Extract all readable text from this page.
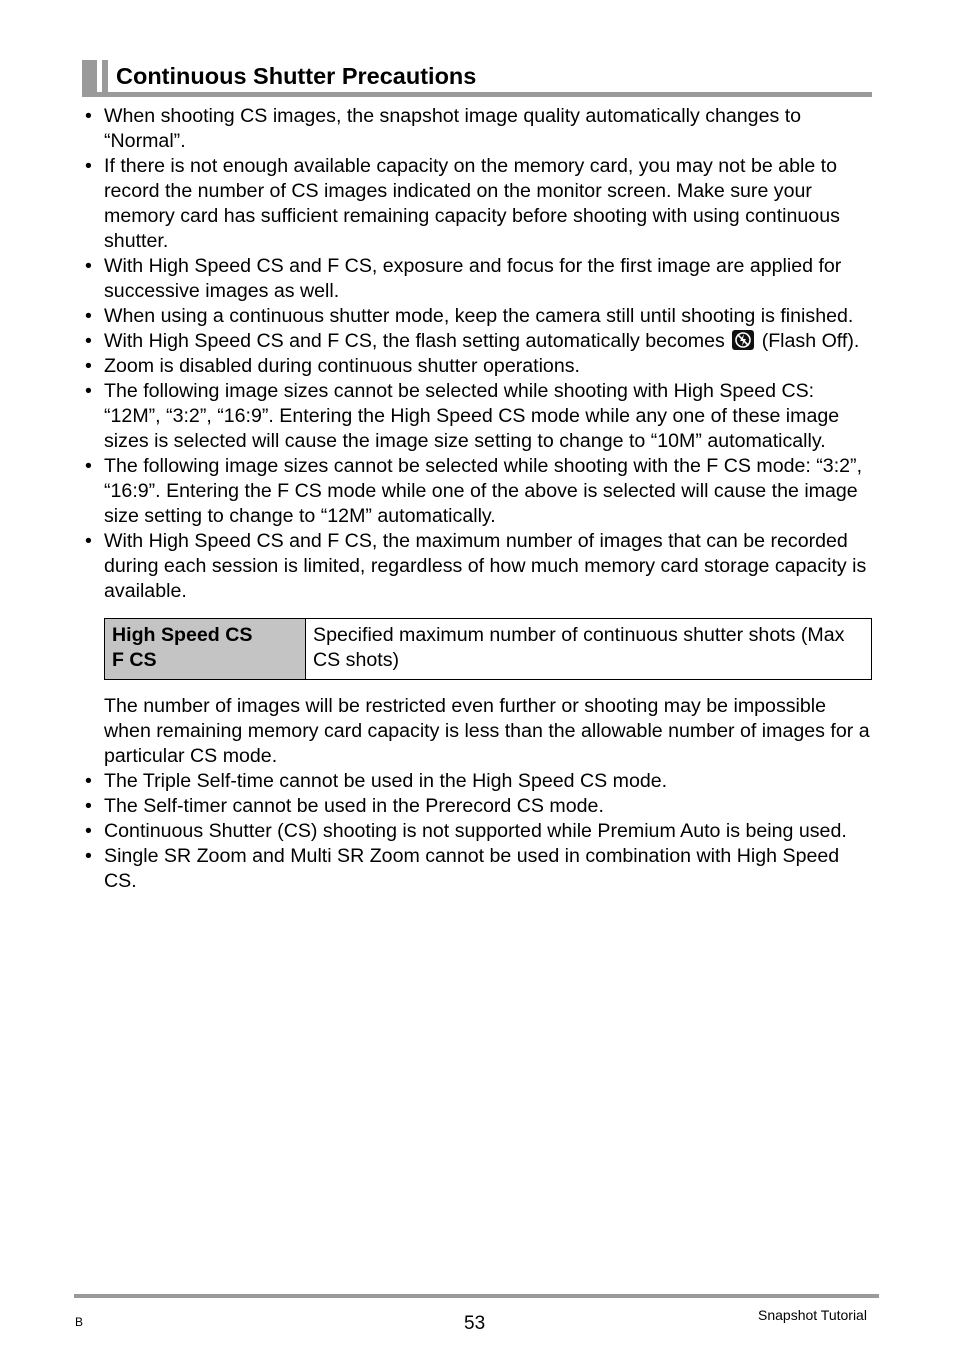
Continuous Shutter Precautions
• When shooting CS images, the snapshot image quality automatically changes to “Normal”.
• If there is not enough available capacity on the memory card, you may not be able to record the number of CS images indicated on the monitor screen. Make sure your memory card has sufficient remaining capacity before shooting with using continuous shutter.
• With High Speed CS and F CS, exposure and focus for the first image are applied for successive images as well.
• When using a continuous shutter mode, keep the camera still until shooting is finished.
• With High Speed CS and F CS, the flash setting automatically becomes (Flash Off).
• Zoom is disabled during continuous shutter operations.
• The following image sizes cannot be selected while shooting with High Speed CS: “12M”, “3:2”, “16:9”. Entering the High Speed CS mode while any one of these image sizes is selected will cause the image size setting to change to “10M” automatically.
• The following image sizes cannot be selected while shooting with the F CS mode: “3:2”, “16:9”. Entering the F CS mode while one of the above is selected will cause the image size setting to change to “12M” automatically.
• With High Speed CS and F CS, the maximum number of images that can be recorded during each session is limited, regardless of how much memory card storage capacity is available.
High Speed CS
F CS
	Specified maximum number of continuous shutter shots (Max CS shots)
The number of images will be restricted even further or shooting may be impossible when remaining memory card capacity is less than the allowable number of images for a particular CS mode.
• The Triple Self-time cannot be used in the High Speed CS mode.
• The Self-timer cannot be used in the Prerecord CS mode.
• Continuous Shutter (CS) shooting is not supported while Premium Auto is being used.
• Single SR Zoom and Multi SR Zoom cannot be used in combination with High Speed CS.
B	53	Snapshot Tutorial
